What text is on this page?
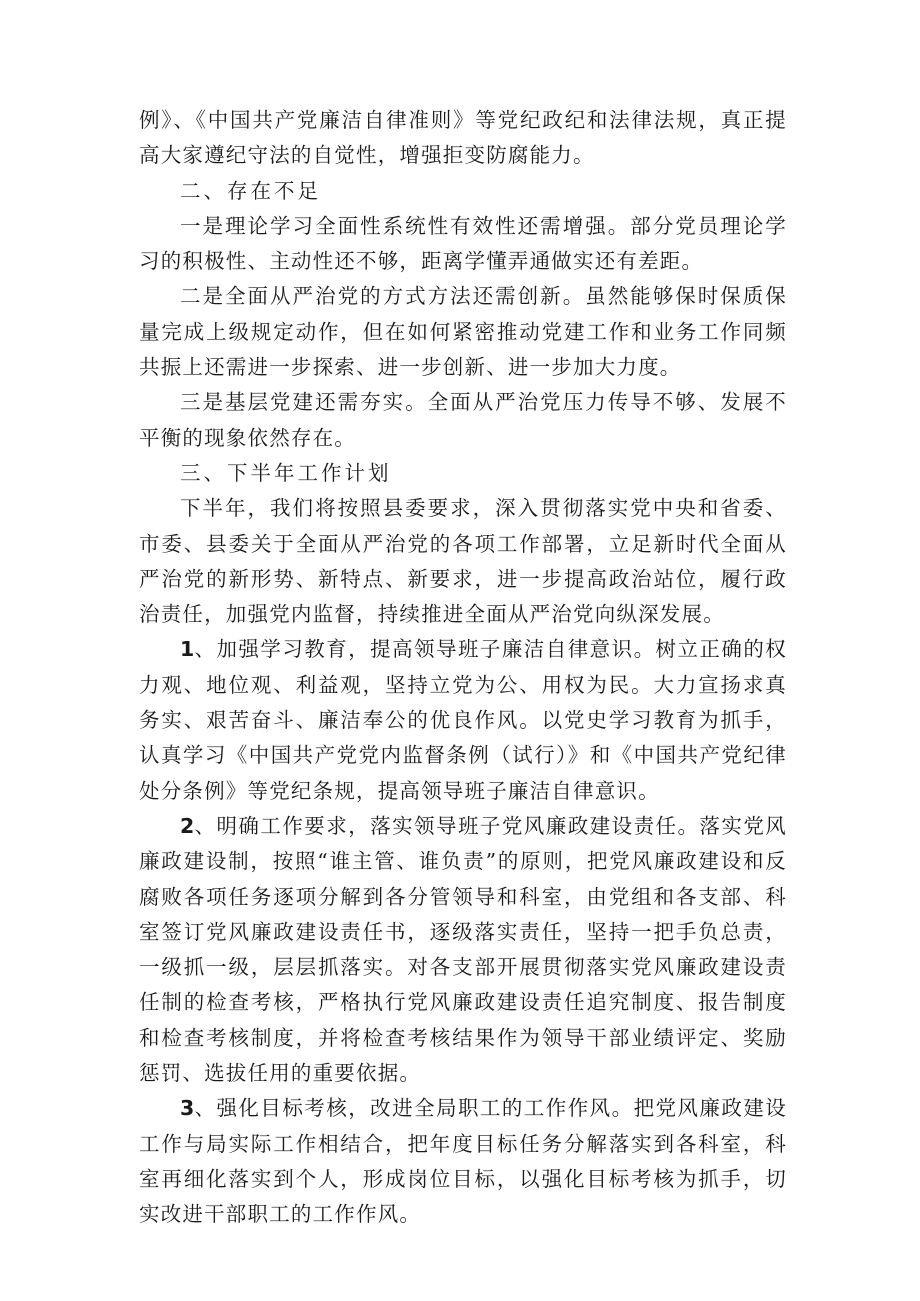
例》、《中国共产党廉洁自律准则》等党纪政纪和法律法规，真正提高大家遵纪守法的自觉性，增强拒变防腐能力。

二、存在不足

一是理论学习全面性系统性有效性还需增强。部分党员理论学习的积极性、主动性还不够，距离学懂弄通做实还有差距。

二是全面从严治党的方式方法还需创新。虽然能够保时保质保量完成上级规定动作，但在如何紧密推动党建工作和业务工作同频共振上还需进一步探索、进一步创新、进一步加大力度。

三是基层党建还需夯实。全面从严治党压力传导不够、发展不平衡的现象依然存在。

三、下半年工作计划

下半年，我们将按照县委要求，深入贯彻落实党中央和省委、市委、县委关于全面从严治党的各项工作部署，立足新时代全面从严治党的新形势、新特点、新要求，进一步提高政治站位，履行政治责任，加强党内监督，持续推进全面从严治党向纵深发展。

1、加强学习教育，提高领导班子廉洁自律意识。树立正确的权力观、地位观、利益观，坚持立党为公、用权为民。大力宣扬求真务实、艰苦奋斗、廉洁奉公的优良作风。以党史学习教育为抓手，认真学习《中国共产党党内监督条例（试行）》和《中国共产党纪律处分条例》等党纪条规，提高领导班子廉洁自律意识。

2、明确工作要求，落实领导班子党风廉政建设责任。落实党风廉政建设制，按照“谁主管、谁负责”的原则，把党风廉政建设和反腐败各项任务逐项分解到各分管领导和科室，由党组和各支部、科室签订党风廉政建设责任书，逐级落实责任，坚持一把手负总责，一级抓一级，层层抓落实。对各支部开展贯彻落实党风廉政建设责任制的检查考核，严格执行党风廉政建设责任追究制度、报告制度和检查考核制度，并将检查考核结果作为领导干部业绩评定、奖励惩罚、选拔任用的重要依据。

3、强化目标考核，改进全局职工的工作作风。把党风廉政建设工作与局实际工作相结合，把年度目标任务分解落实到各科室，科室再细化落实到个人，形成岗位目标，以强化目标考核为抓手，切实改进干部职工的工作作风。
